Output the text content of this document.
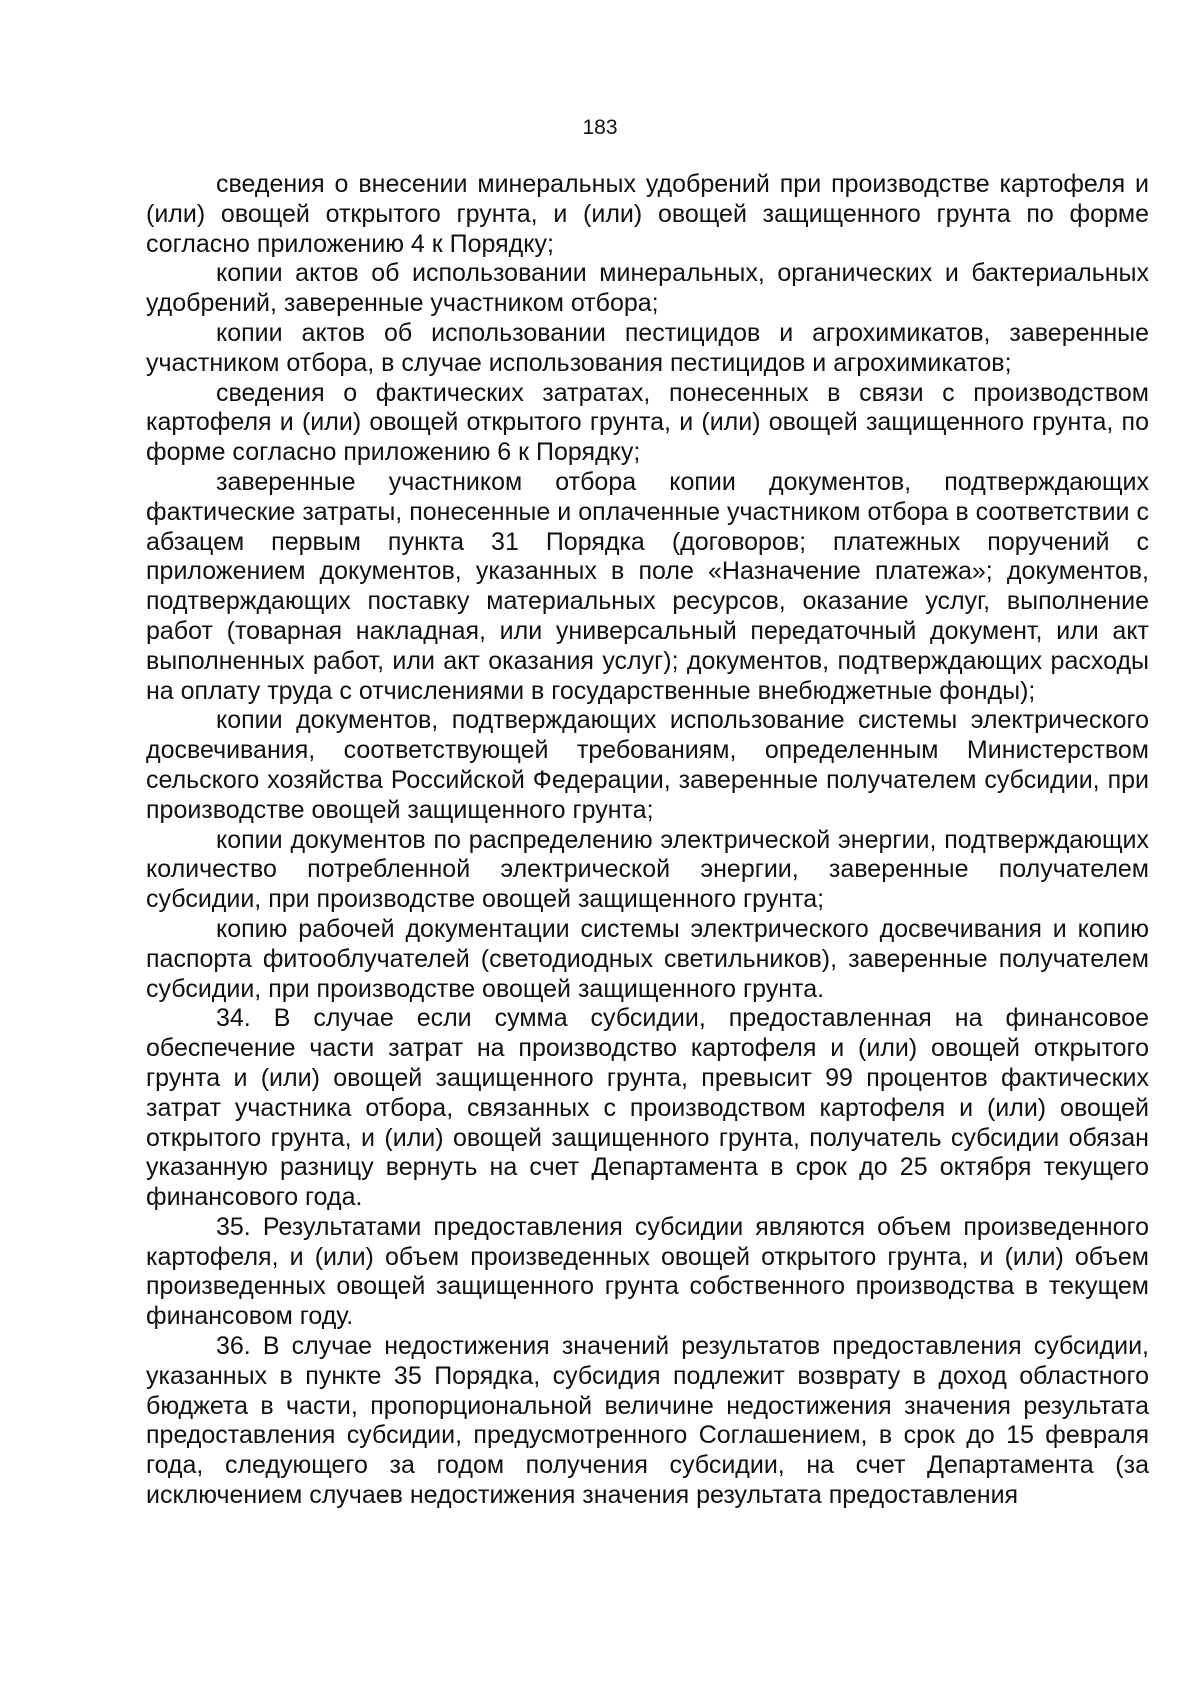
183

сведения о внесении минеральных удобрений при производстве картофеля и (или) овощей открытого грунта, и (или) овощей защищенного грунта по форме согласно приложению 4 к Порядку;

копии актов об использовании минеральных, органических и бактериальных удобрений, заверенные участником отбора;

копии актов об использовании пестицидов и агрохимикатов, заверенные участником отбора, в случае использования пестицидов и агрохимикатов;

сведения о фактических затратах, понесенных в связи с производством картофеля и (или) овощей открытого грунта, и (или) овощей защищенного грунта, по форме согласно приложению 6 к Порядку;

заверенные участником отбора копии документов, подтверждающих фактические затраты, понесенные и оплаченные участником отбора в соответствии с абзацем первым пункта 31 Порядка (договоров; платежных поручений с приложением документов, указанных в поле «Назначение платежа»; документов, подтверждающих поставку материальных ресурсов, оказание услуг, выполнение работ (товарная накладная, или универсальный передаточный документ, или акт выполненных работ, или акт оказания услуг); документов, подтверждающих расходы на оплату труда с отчислениями в государственные внебюджетные фонды);

копии документов, подтверждающих использование системы электрического досвечивания, соответствующей требованиям, определенным Министерством сельского хозяйства Российской Федерации, заверенные получателем субсидии, при производстве овощей защищенного грунта;

копии документов по распределению электрической энергии, подтверждающих количество потребленной электрической энергии, заверенные получателем субсидии, при производстве овощей защищенного грунта;

копию рабочей документации системы электрического досвечивания и копию паспорта фитооблучателей (светодиодных светильников), заверенные получателем субсидии, при производстве овощей защищенного грунта.

34. В случае если сумма субсидии, предоставленная на финансовое обеспечение части затрат на производство картофеля и (или) овощей открытого грунта и (или) овощей защищенного грунта, превысит 99 процентов фактических затрат участника отбора, связанных с производством картофеля и (или) овощей открытого грунта, и (или) овощей защищенного грунта, получатель субсидии обязан указанную разницу вернуть на счет Департамента в срок до 25 октября текущего финансового года.

35. Результатами предоставления субсидии являются объем произведенного картофеля, и (или) объем произведенных овощей открытого грунта, и (или) объем произведенных овощей защищенного грунта собственного производства в текущем финансовом году.

36. В случае недостижения значений результатов предоставления субсидии, указанных в пункте 35 Порядка, субсидия подлежит возврату в доход областного бюджета в части, пропорциональной величине недостижения значения результата предоставления субсидии, предусмотренного Соглашением, в срок до 15 февраля года, следующего за годом получения субсидии, на счет Департамента (за исключением случаев недостижения значения результата предоставления
